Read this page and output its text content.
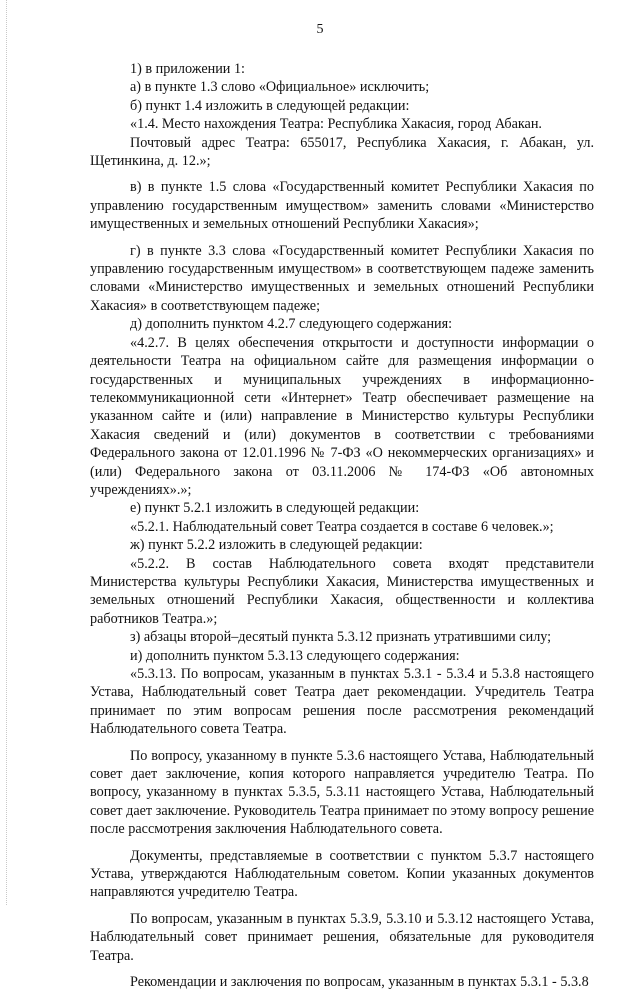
5

1) в приложении 1:

а) в пункте 1.3 слово «Официальное» исключить;

б) пункт 1.4 изложить в следующей редакции:

«1.4. Место нахождения Театра: Республика Хакасия, город Абакан.

Почтовый адрес Театра: 655017, Республика Хакасия, г. Абакан, ул. Щетинкина, д. 12.»;

в) в пункте 1.5 слова «Государственный комитет Республики Хакасия по управлению государственным имуществом» заменить словами «Министерство имущественных и земельных отношений Республики Хакасия»;

г) в пункте 3.3 слова «Государственный комитет Республики Хакасия по управлению государственным имуществом» в соответствующем падеже заменить словами «Министерство имущественных и земельных отношений Республики Хакасия» в соответствующем падеже;

д) дополнить пунктом 4.2.7 следующего содержания:

«4.2.7. В целях обеспечения открытости и доступности информации о деятельности Театра на официальном сайте для размещения информации о государственных и муниципальных учреждениях в информационно-телекоммуникационной сети «Интернет» Театр обеспечивает размещение на указанном сайте и (или) направление в Министерство культуры Республики Хакасия сведений и (или) документов в соответствии с требованиями Федерального закона от 12.01.1996 № 7-ФЗ «О некоммерческих организациях» и (или) Федерального закона от 03.11.2006 № 174-ФЗ «Об автономных учреждениях».»;

е) пункт 5.2.1 изложить в следующей редакции:

«5.2.1. Наблюдательный совет Театра создается в составе 6 человек.»;

ж) пункт 5.2.2 изложить в следующей редакции:

«5.2.2. В состав Наблюдательного совета входят представители Министерства культуры Республики Хакасия, Министерства имущественных и земельных отношений Республики Хакасия, общественности и коллектива работников Театра.»;

з) абзацы второй–десятый пункта 5.3.12 признать утратившими силу;

и) дополнить пунктом 5.3.13 следующего содержания:

«5.3.13. По вопросам, указанным в пунктах 5.3.1 - 5.3.4 и 5.3.8 настоящего Устава, Наблюдательный совет Театра дает рекомендации. Учредитель Театра принимает по этим вопросам решения после рассмотрения рекомендаций Наблюдательного совета Театра.

По вопросу, указанному в пункте 5.3.6 настоящего Устава, Наблюдательный совет дает заключение, копия которого направляется учредителю Театра. По вопросу, указанному в пунктах 5.3.5, 5.3.11 настоящего Устава, Наблюдательный совет дает заключение. Руководитель Театра принимает по этому вопросу решение после рассмотрения заключения Наблюдательного совета.

Документы, представляемые в соответствии с пунктом 5.3.7 настоящего Устава, утверждаются Наблюдательным советом. Копии указанных документов направляются учредителю Театра.

По вопросам, указанным в пунктах 5.3.9, 5.3.10 и 5.3.12 настоящего Устава, Наблюдательный совет принимает решения, обязательные для руководителя Театра.

Рекомендации и заключения по вопросам, указанным в пунктах 5.3.1 - 5.3.8
